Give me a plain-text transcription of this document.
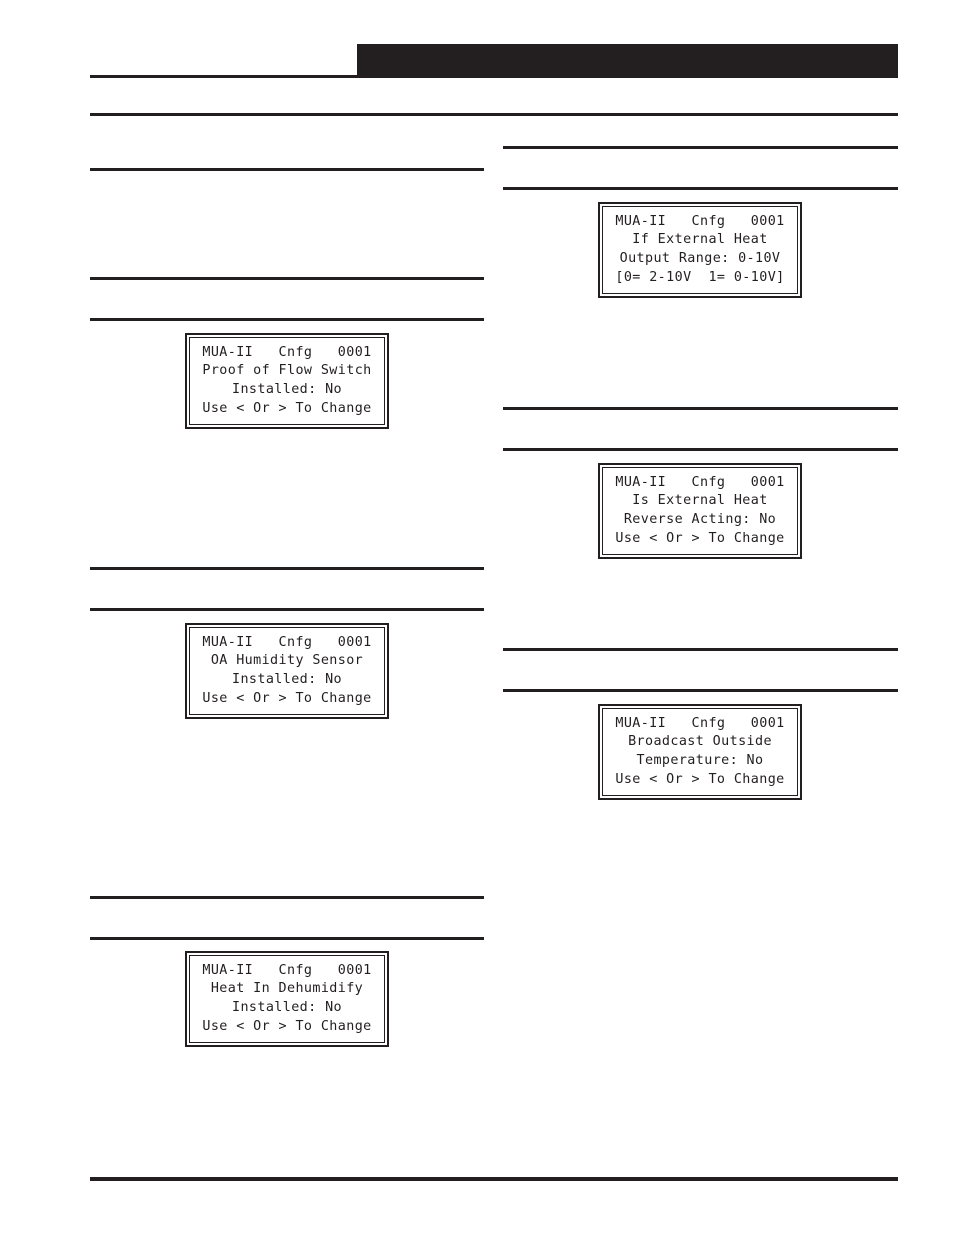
MUA-II   Cnfg   0001
Proof of Flow Switch
Installed: No
Use < Or > To Change
MUA-II   Cnfg   0001
OA Humidity Sensor
Installed: No
Use < Or > To Change
MUA-II   Cnfg   0001
Heat In Dehumidify
Installed: No
Use < Or > To Change
MUA-II   Cnfg   0001
If External Heat
Output Range: 0-10V
[0= 2-10V  1= 0-10V]
MUA-II   Cnfg   0001
Is External Heat
Reverse Acting: No
Use < Or > To Change
MUA-II   Cnfg   0001
Broadcast Outside
Temperature: No
Use < Or > To Change
